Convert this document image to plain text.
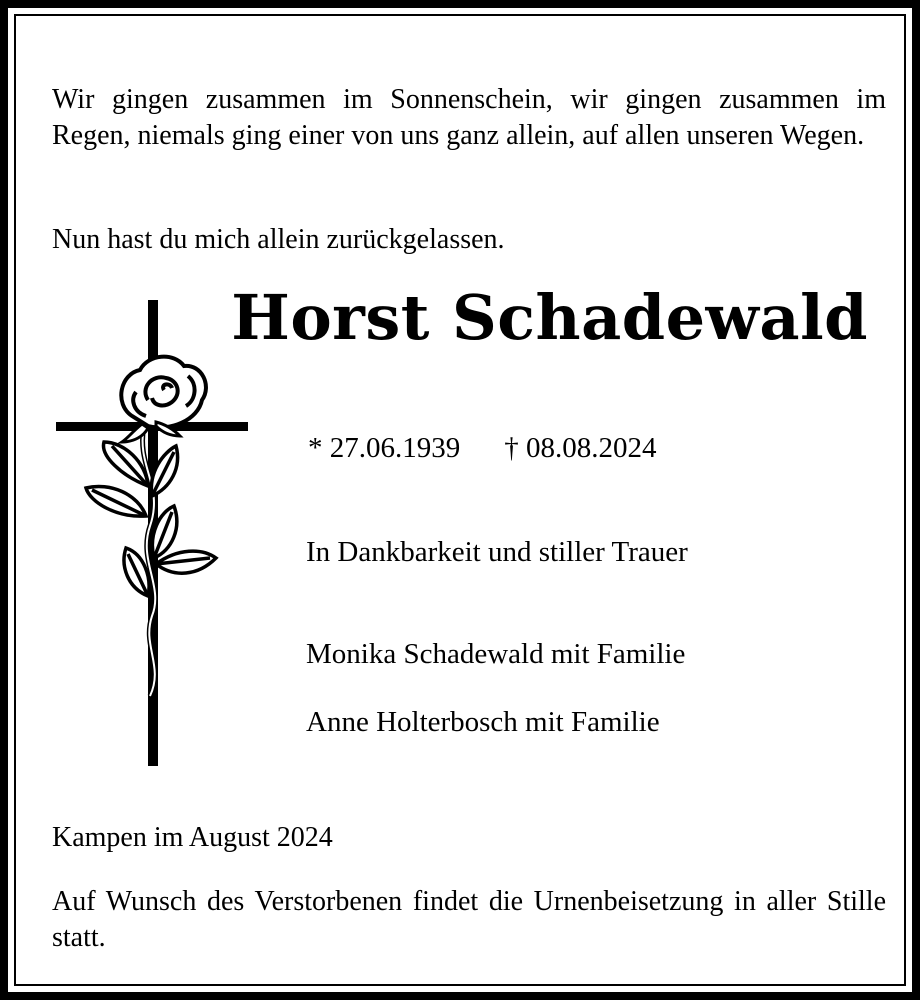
Wir gingen zusammen im Sonnenschein, wir gingen zusammen im Regen, niemals ging einer von uns ganz allein, auf allen unseren Wegen.

Nun hast du mich allein zurückgelassen.

Horst Schadewald
* 27.06.1939 † 08.08.2024
In Dankbarkeit und stiller Trauer
Monika Schadewald mit Familie
Anne Holterbosch mit Familie
Kampen im August 2024

Auf Wunsch des Verstorbenen findet die Urnenbeisetzung in aller Stille statt.
